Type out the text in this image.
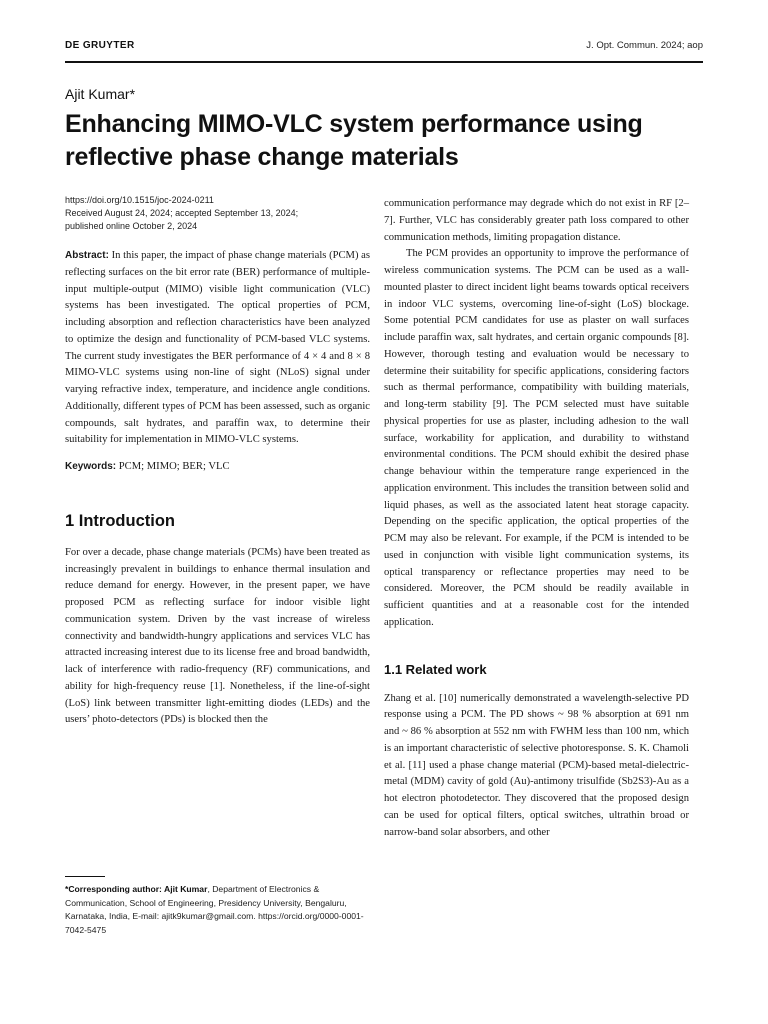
DE GRUYTER	J. Opt. Commun. 2024; aop
Ajit Kumar*
Enhancing MIMO-VLC system performance using reflective phase change materials
https://doi.org/10.1515/joc-2024-0211
Received August 24, 2024; accepted September 13, 2024;
published online October 2, 2024

Abstract: In this paper, the impact of phase change materials (PCM) as reflecting surfaces on the bit error rate (BER) performance of multiple-input multiple-output (MIMO) visible light communication (VLC) systems has been investigated. The optical properties of PCM, including absorption and reflection characteristics have been analyzed to optimize the design and functionality of PCM-based VLC systems. The current study investigates the BER performance of 4 × 4 and 8 × 8 MIMO-VLC systems using non-line of sight (NLoS) signal under varying refractive index, temperature, and incidence angle conditions. Additionally, different types of PCM has been assessed, such as organic compounds, salt hydrates, and paraffin wax, to determine their suitability for implementation in MIMO-VLC systems.

Keywords: PCM; MIMO; BER; VLC

1 Introduction

For over a decade, phase change materials (PCMs) have been treated as increasingly prevalent in buildings to enhance thermal insulation and reduce demand for energy. However, in the present paper, we have proposed PCM as reflecting surface for indoor visible light communication system. Driven by the vast increase of wireless connectivity and bandwidth-hungry applications and services VLC has attracted increasing interest due to its license free and broad bandwidth, lack of interference with radio-frequency (RF) communications, and ability for high-frequency reuse [1]. Nonetheless, if the line-of-sight (LoS) link between transmitter light-emitting diodes (LEDs) and the users’ photo-detectors (PDs) is blocked then the

communication performance may degrade which do not exist in RF [2–7]. Further, VLC has considerably greater path loss compared to other communication methods, limiting propagation distance.

The PCM provides an opportunity to improve the performance of wireless communication systems. The PCM can be used as a wall-mounted plaster to direct incident light beams towards optical receivers in indoor VLC systems, overcoming line-of-sight (LoS) blockage. Some potential PCM candidates for use as plaster on wall surfaces include paraffin wax, salt hydrates, and certain organic compounds [8]. However, thorough testing and evaluation would be necessary to determine their suitability for specific applications, considering factors such as thermal performance, compatibility with building materials, and long-term stability [9]. The PCM selected must have suitable physical properties for use as plaster, including adhesion to the wall surface, workability for application, and durability to withstand environmental conditions. The PCM should exhibit the desired phase change behaviour within the temperature range experienced in the application environment. This includes the transition between solid and liquid phases, as well as the associated latent heat storage capacity. Depending on the specific application, the optical properties of the PCM may also be relevant. For example, if the PCM is intended to be used in conjunction with visible light communication systems, its optical transparency or reflectance properties may need to be considered. Moreover, the PCM should be readily available in sufficient quantities and at a reasonable cost for the intended application.

1.1 Related work

Zhang et al. [10] numerically demonstrated a wavelength-selective PD response using a PCM. The PD shows ~ 98 % absorption at 691 nm and ~ 86 % absorption at 552 nm with FWHM less than 100 nm, which is an important characteristic of selective photoresponse. S. K. Chamoli et al. [11] used a phase change material (PCM)-based metal-dielectric-metal (MDM) cavity of gold (Au)-antimony trisulfide (Sb2S3)-Au as a hot electron photodetector. They discovered that the proposed design can be used for optical filters, optical switches, ultrathin broad or narrow-band solar absorbers, and other

*Corresponding author: Ajit Kumar, Department of Electronics & Communication, School of Engineering, Presidency University, Bengaluru, Karnataka, India, E-mail: ajitk9kumar@gmail.com. https://orcid.org/0000-0001-7042-5475
